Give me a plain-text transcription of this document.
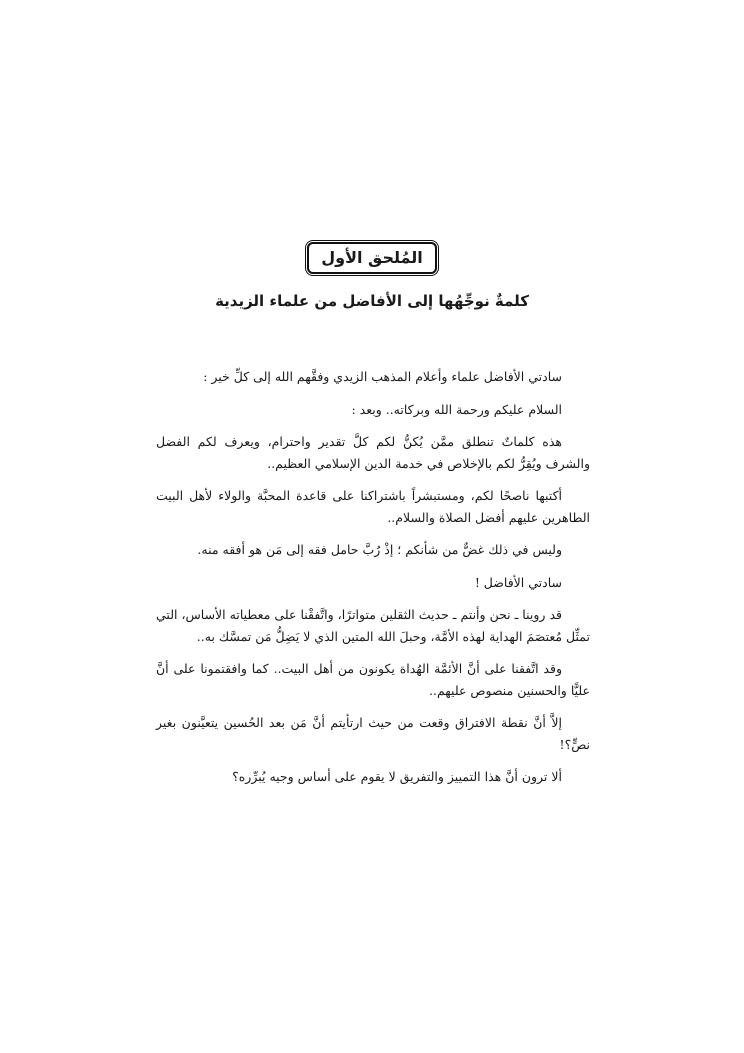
المُلحق الأول
كلمةٌ نوجِّهُها إلى الأفاضل من علماء الزيدية

سادتي الأفاضل علماء وأعلام المذهب الزيدي وفقَّهم الله إلى كلِّ خير :

السلام عليكم ورحمة الله وبركاته.. وبعد :

هذه كلماتٌ تنطلق ممَّن يُكنُّ لكم كلَّ تقدير واحترام، ويعرف لكم الفضل والشرف ويُقِرُّ لكم بالإخلاص في خدمة الدين الإسلامي العظيم..

أكتبها ناصحًا لكم، ومستبشراً باشتراكنا على قاعدة المحبَّة والولاء لأهل البيت الطاهرين عليهم أفضل الصلاة والسلام..

وليس في ذلك غضٌّ من شأنكم ؛ إذْ رُبَّ حامل فقه إلى مَن هو أفقه منه.

سادتي الأفاضل !

قد روينا ـ نحن وأنتم ـ حديث الثقلين متواترًا، واتَّفقْنا على معطياته الأساس، التي تمثِّل مُعتصَمَ الهداية لهذه الأمَّة، وحبلَ الله المتين الذي لا يَضِلُّ مَن تمسَّك به..

وقد اتَّفقنا على أنَّ الأئمَّة الهُداة يكونون من أهل البيت.. كما وافقتمونا على أنَّ عليًّا والحسنين منصوص عليهم..

إلاَّ أنَّ نقطة الافتراق وقعت من حيث ارتأيتم أنَّ مَن بعد الحُسين يتعيَّنون بغير نصٍّ؟!

ألا ترون أنَّ هذا التمييز والتفريق لا يقوم على أساس وجيه يُبرِّره؟
